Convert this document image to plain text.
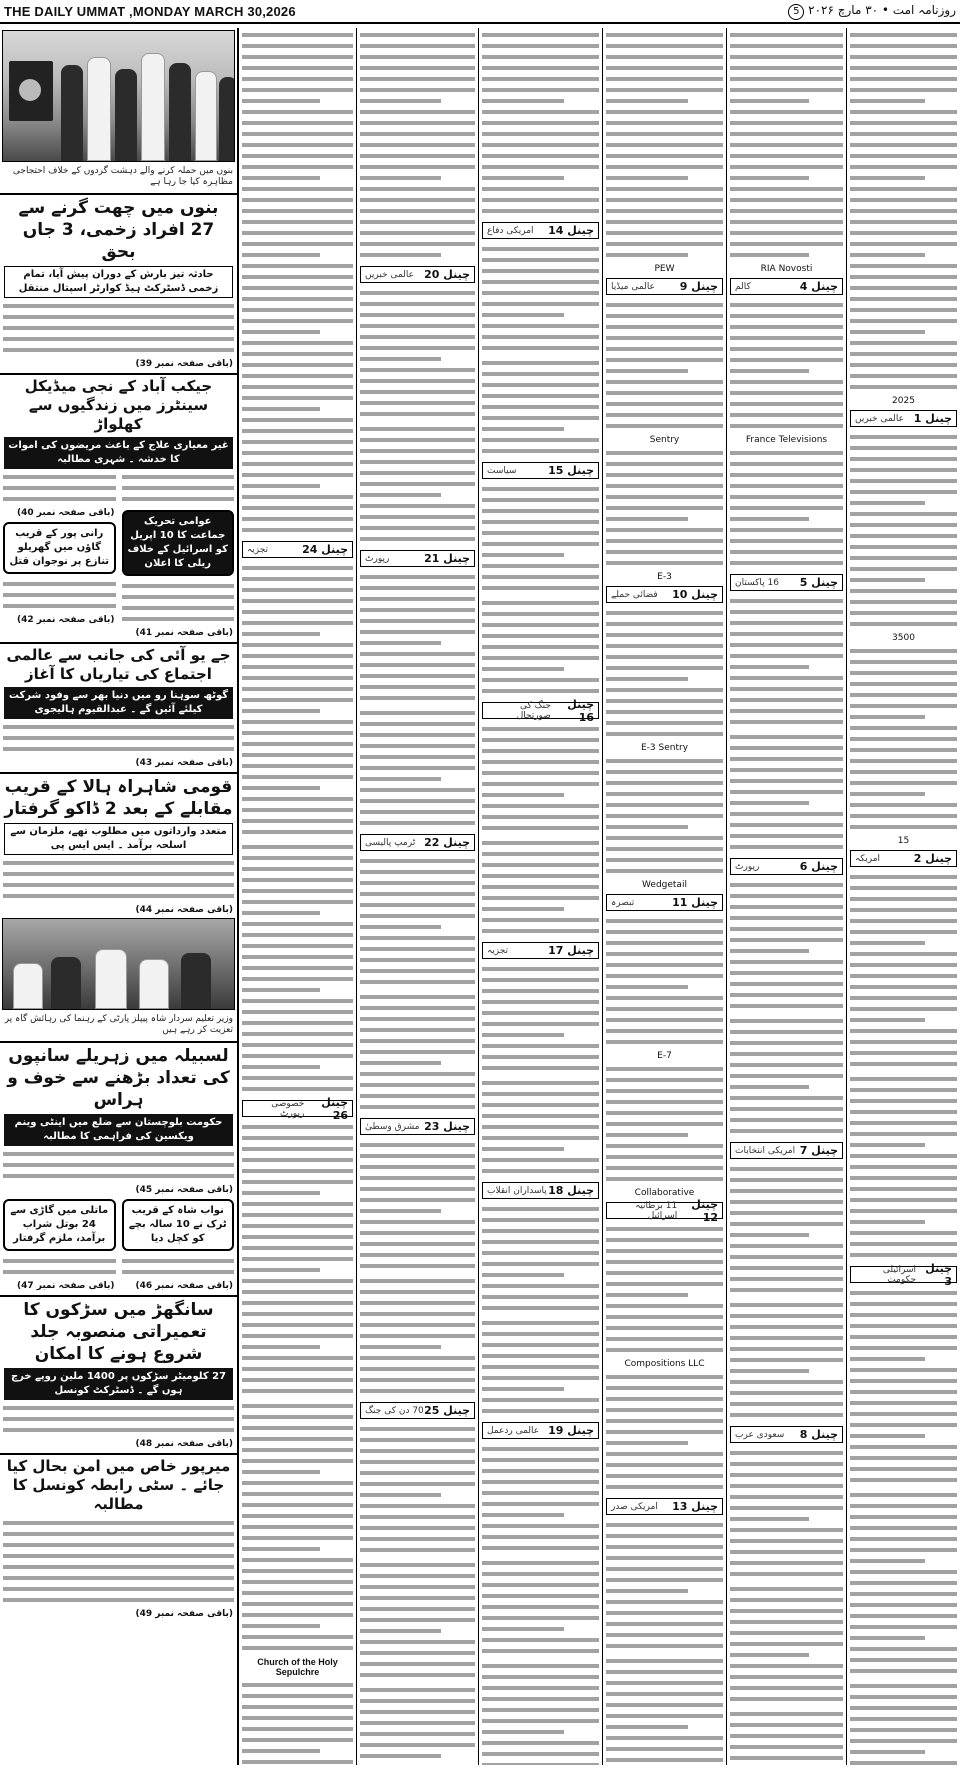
THE DAILY UMMAT ,MONDAY MARCH 30,2026	روزنامہ امت • ۳۰ مارچ ۲۰۲۶ 5
بنوں میں حملہ کرنے والے دہشت گردوں کے خلاف احتجاجی مظاہرہ کیا جا رہا ہے
بنوں میں چھت گرنے سے 27 افراد زخمی، 3 جاں بحق
حادثہ تیز بارش کے دوران پیش آیا، تمام زخمی ڈسٹرکٹ ہیڈ کوارٹر اسپتال منتقل
(باقی صفحہ نمبر 39)
جیکب آباد کے نجی میڈیکل سینٹرز میں زندگیوں سے کھلواڑ
غیر معیاری علاج کے باعث مریضوں کی اموات کا خدشہ ۔ شہری مطالبہ
عوامی تحریک جماعت کا 10 اپریل کو اسرائیل کے خلاف ریلی کا اعلان
(باقی صفحہ نمبر 41)
(باقی صفحہ نمبر 40)
رانی پور کے قریب گاؤں میں گھریلو تنازع پر نوجوان قتل
(باقی صفحہ نمبر 42)
جے یو آئی کی جانب سے عالمی اجتماع کی تیاریاں کا آغاز
گوٹھ سوہنا رو میں دنیا بھر سے وفود شرکت کیلئے آئیں گے ۔ عبدالقیوم ہالیجوی
(باقی صفحہ نمبر 43)
قومی شاہراہ ہالا کے قریب مقابلے کے بعد 2 ڈاکو گرفتار
متعدد وارداتوں میں مطلوب تھے، ملزمان سے اسلحہ برآمد ۔ ایس ایس پی
(باقی صفحہ نمبر 44)
وزیر تعلیم سردار شاہ پیپلز پارٹی کے رہنما کی رہائش گاہ پر تعزیت کر رہے ہیں
لسبیلہ میں زہریلے سانپوں کی تعداد بڑھنے سے خوف و ہراس
حکومت بلوچستان سے ضلع میں اینٹی وینم ویکسین کی فراہمی کا مطالبہ
(باقی صفحہ نمبر 45)
نواب شاہ کے قریب ٹرک نے 10 سالہ بچے کو کچل دیا
(باقی صفحہ نمبر 46)
ماتلی میں گاڑی سے 24 بوتل شراب برآمد، ملزم گرفتار
(باقی صفحہ نمبر 47)
سانگھڑ میں سڑکوں کا تعمیراتی منصوبہ جلد شروع ہونے کا امکان
27 کلومیٹر سڑکوں پر 1400 ملین روپے خرچ ہوں گے ۔ ڈسٹرکٹ کونسل
(باقی صفحہ نمبر 48)
میرپور خاص میں امن بحال کیا جائے ۔ سٹی رابطہ کونسل کا مطالبہ
(باقی صفحہ نمبر 49)
چینل 24
تجزیہ
چینل 26
خصوصی رپورٹ
Church of the Holy Sepulchre
چینل 20
عالمی خبریں
چینل 21
رپورٹ
چینل 22
ٹرمپ پالیسی
چینل 23
مشرق وسطیٰ
چینل 25
70 دن کی جنگ
چینل 14
امریکی دفاع
چینل 15
سیاست
چینل 16
جنگ کی صورتحال
چینل 17
تجزیہ
چینل 18
پاسداران انقلاب
چینل 19
عالمی ردعمل
PEW
چینل 9
عالمی میڈیا
Sentry
E-3
چینل 10
فضائی حملے
E-3 Sentry
Wedgetail
چینل 11
تبصرہ
E-7
Collaborative
چینل 12
11 برطانیہ اسرائیل
Compositions LLC
چینل 13
امریکی صدر
RIA Novosti
چینل 4
کالم
France Televisions
چینل 5
16 پاکستان
چینل 6
رپورٹ
چینل 7
امریکی انتخابات
چینل 8
سعودی عرب
2025
چینل 1
عالمی خبریں
3500
15
چینل 2
امریکہ
چینل 3
اسرائیلی حکومت
